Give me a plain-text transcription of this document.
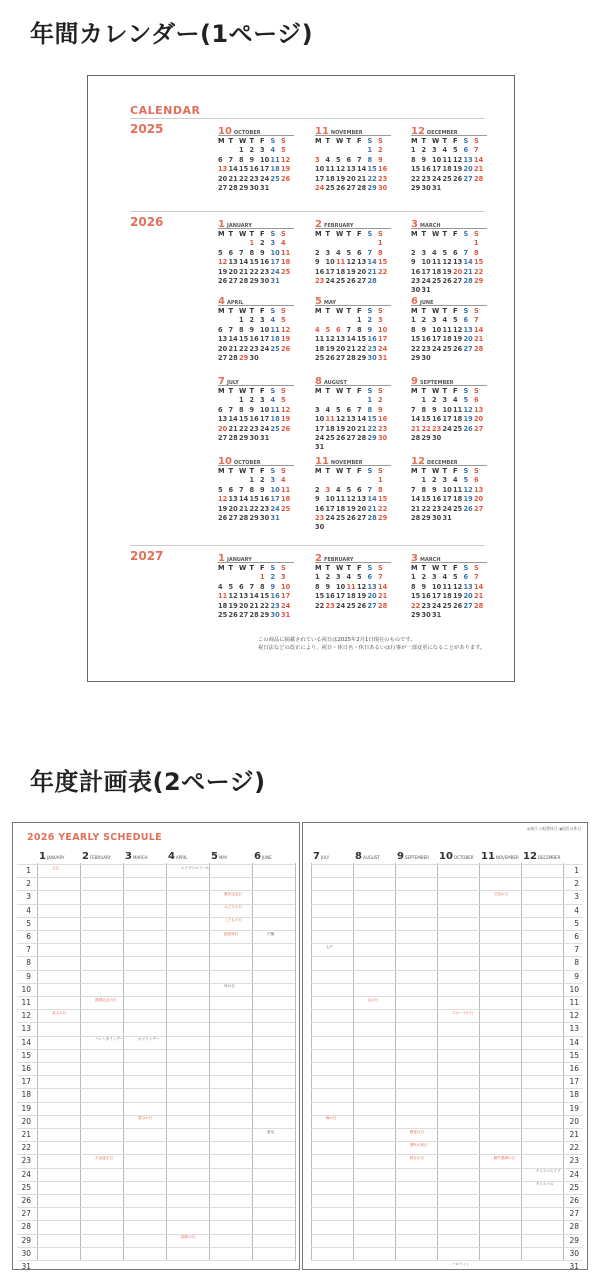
年間カレンダー(1ページ)
CALENDAR
2025
2026
2027
10 OCTOBER
M T W T F S S
1 2 3 4 5
6 7 8 9 10 11 12
13 14 15 16 17 18 19
20 21 22 23 24 25 26
27 28 29 30 31
11 NOVEMBER
M T W T F S S
1 2
3 4 5 6 7 8 9
10 11 12 13 14 15 16
17 18 19 20 21 22 23
24 25 26 27 28 29 30
12 DECEMBER
M T W T F S S
1 2 3 4 5 6 7
8 9 10 11 12 13 14
15 16 17 18 19 20 21
22 23 24 25 26 27 28
29 30 31
1 JANUARY
M T W T F S S
1 2 3 4
5 6 7 8 9 10 11
12 13 14 15 16 17 18
19 20 21 22 23 24 25
26 27 28 29 30 31
2 FEBRUARY
M T W T F S S
1
2 3 4 5 6 7 8
9 10 11 12 13 14 15
16 17 18 19 20 21 22
23 24 25 26 27 28
3 MARCH
M T W T F S S
1
2 3 4 5 6 7 8
9 10 11 12 13 14 15
16 17 18 19 20 21 22
23 24 25 26 27 28 29
30 31
4 APRIL
M T W T F S S
1 2 3 4 5
6 7 8 9 10 11 12
13 14 15 16 17 18 19
20 21 22 23 24 25 26
27 28 29 30
5 MAY
M T W T F S S
1 2 3
4 5 6 7 8 9 10
11 12 13 14 15 16 17
18 19 20 21 22 23 24
25 26 27 28 29 30 31
6 JUNE
M T W T F S S
1 2 3 4 5 6 7
8 9 10 11 12 13 14
15 16 17 18 19 20 21
22 23 24 25 26 27 28
29 30
7 JULY
M T W T F S S
1 2 3 4 5
6 7 8 9 10 11 12
13 14 15 16 17 18 19
20 21 22 23 24 25 26
27 28 29 30 31
8 AUGUST
M T W T F S S
1 2
3 4 5 6 7 8 9
10 11 12 13 14 15 16
17 18 19 20 21 22 23
24 25 26 27 28 29 30
31
9 SEPTEMBER
M T W T F S S
1 2 3 4 5 6
7 8 9 10 11 12 13
14 15 16 17 18 19 20
21 22 23 24 25 26 27
28 29 30
10 OCTOBER
M T W T F S S
1 2 3 4
5 6 7 8 9 10 11
12 13 14 15 16 17 18
19 20 21 22 23 24 25
26 27 28 29 30 31
11 NOVEMBER
M T W T F S S
1
2 3 4 5 6 7 8
9 10 11 12 13 14 15
16 17 18 19 20 21 22
23 24 25 26 27 28 29
30
12 DECEMBER
M T W T F S S
1 2 3 4 5 6
7 8 9 10 11 12 13
14 15 16 17 18 19 20
21 22 23 24 25 26 27
28 29 30 31
1 JANUARY
M T W T F S S
1 2 3
4 5 6 7 8 9 10
11 12 13 14 15 16 17
18 19 20 21 22 23 24
25 26 27 28 29 30 31
2 FEBRUARY
M T W T F S S
1 2 3 4 5 6 7
8 9 10 11 12 13 14
15 16 17 18 19 20 21
22 23 24 25 26 27 28
3 MARCH
M T W T F S S
1 2 3 4 5 6 7
8 9 10 11 12 13 14
15 16 17 18 19 20 21
22 23 24 25 26 27 28
29 30 31
この商品に掲載されている祝日は2025年2月1日現在のものです。
祝日法などの改正により、祝日・休日名・休日あるいは行事が一部変更になることがあります。
年度計画表(2ページ)
2026 YEARLY SCHEDULE
1 JANUARY 2 FEBRUARY 3 MARCH 4 APRIL 5 MAY	6 JUNE
1
2
3
4
5
6
7
8
9
10
11
12
13
14
15
16
17
18
19
20
21
22
23
24
25
26
27
28
29
30
31
元日
成人の日
建国記念の日
バレンタインデー
天皇誕生日
ホワイトデー
春分の日
エイプリルフール
昭和の日
憲法記念日
みどりの日
こどもの日
振替休日
母の日
夏至
芒種
◎祝日 ○振替休日 ◑国民の休日
7 JULY	8 AUGUST 9 SEPTEMBER 10 OCTOBER 11 NOVEMBER 12 DECEMBER
1
2
3
4
5
6
7
8
9
10
11
12
13
14
15
16
17
18
19
20
21
22
23
24
25
26
27
28
29
30
31
海の日
七夕
山の日
敬老の日
国民の休日
秋分の日
スポーツの日
ハロウィン
文化の日
勤労感謝の日
クリスマスイブ
クリスマス
